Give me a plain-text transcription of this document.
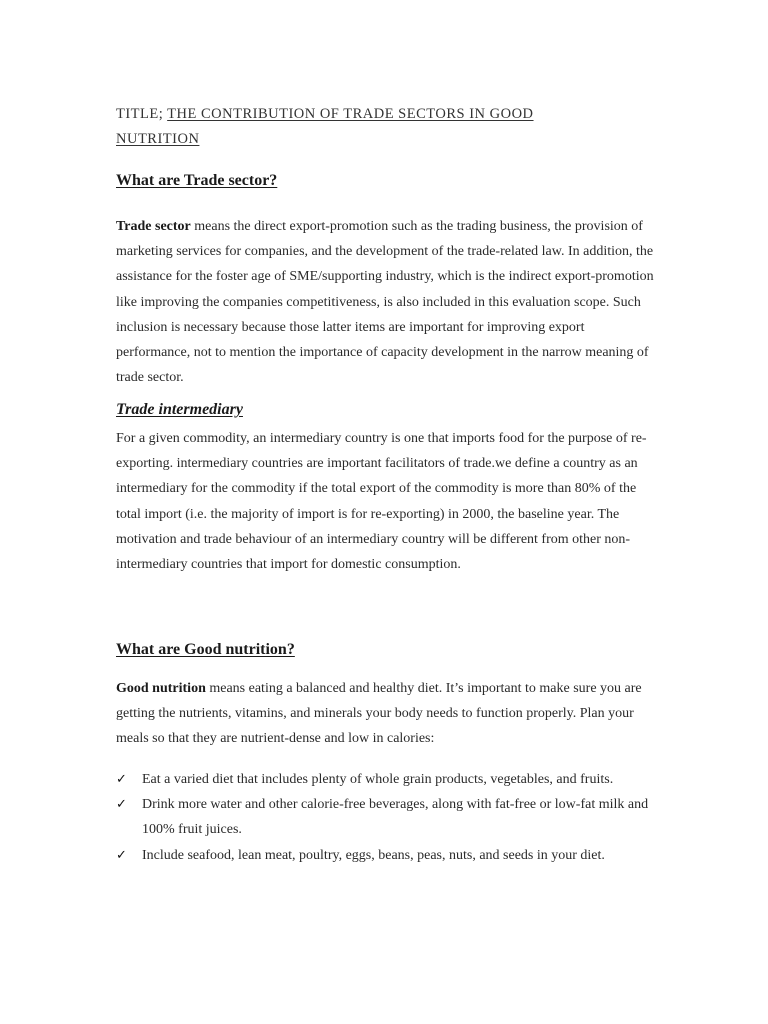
TITLE; THE CONTRIBUTION OF TRADE SECTORS IN GOOD
NUTRITION
What are Trade sector?

Trade sector means the direct export-promotion such as the trading business, the provision of marketing services for companies, and the development of the trade-related law. In addition, the assistance for the foster age of SME/supporting industry, which is the indirect export-promotion like improving the companies competitiveness, is also included in this evaluation scope. Such inclusion is necessary because those latter items are important for improving export performance, not to mention the importance of capacity development in the narrow meaning of trade sector.

Trade intermediary

For a given commodity, an intermediary country is one that imports food for the purpose of re-exporting. intermediary countries are important facilitators of trade.we define a country as an intermediary for the commodity if the total export of the commodity is more than 80% of the total import (i.e. the majority of import is for re-exporting) in 2000, the baseline year. The motivation and trade behaviour of an intermediary country will be different from other non-intermediary countries that import for domestic consumption.

What are Good nutrition?

Good nutrition means eating a balanced and healthy diet. It’s important to make sure you are getting the nutrients, vitamins, and minerals your body needs to function properly. Plan your meals so that they are nutrient-dense and low in calories:

✓ Eat a varied diet that includes plenty of whole grain products, vegetables, and fruits.
✓ Drink more water and other calorie-free beverages, along with fat-free or low-fat milk and 100% fruit juices.
✓ Include seafood, lean meat, poultry, eggs, beans, peas, nuts, and seeds in your diet.
